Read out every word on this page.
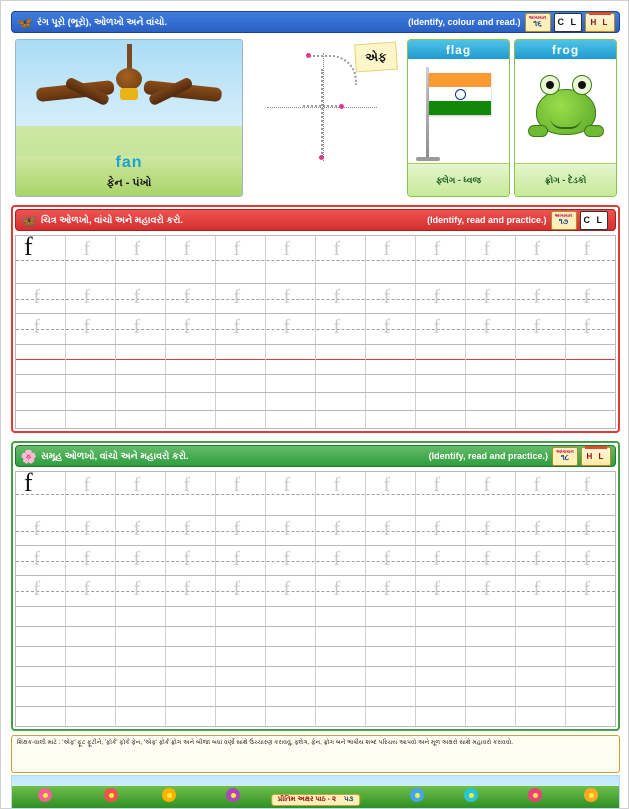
🦋 રંગ પૂરો (ભૂરો), ઓળખો અને વાંચો.	(Identify, colour and read.) અધ્યયન
૧૬	C L	H L
fan
ફેન - પંખો
એફ	flag
ફ્લેગ - ધ્વજ
frog
ફ્રોગ - દેડકો
🦋 ચિત્ર ઓળખો, વાંચો અને મહાવરો કરો.	(Identify, read and practice.) અધ્યયન
૧૭	C L
f	f f f f f f f f f f f

f f f f f f f f f f f f

f f f f f f f f f f f f

🌸 સમૂહ ઓળખો, વાંચો અને મહાવરો કરો.	(Identify, read and practice.) અધ્યયન
૧૮	H L
f	f f f f f f f f f f f

f f f f f f f f f f f f

f f f f f f f f f f f f

f f f f f f f f f f f f

શિક્ષક-વાલી માટે : 'એફ' ફૂટ ફૂટીને, 'ફોર્ક' ફોર્ક ફેન, 'એફ' ફોર્ક ફ્રોગ અને બીજા બધાં વર્ણો સાથે ઉચ્ચારણ કરાવવું, ફ્લેગ, ફેન, ફ્રોગ બનેં ભાષીય શબ્દ પરિચય આપવો અને મૂળ અક્ષરો સાથે મહાવરો કરાવવો.
પ્રીતિમ અક્ષર પાઠ - ૨ ૫૩
